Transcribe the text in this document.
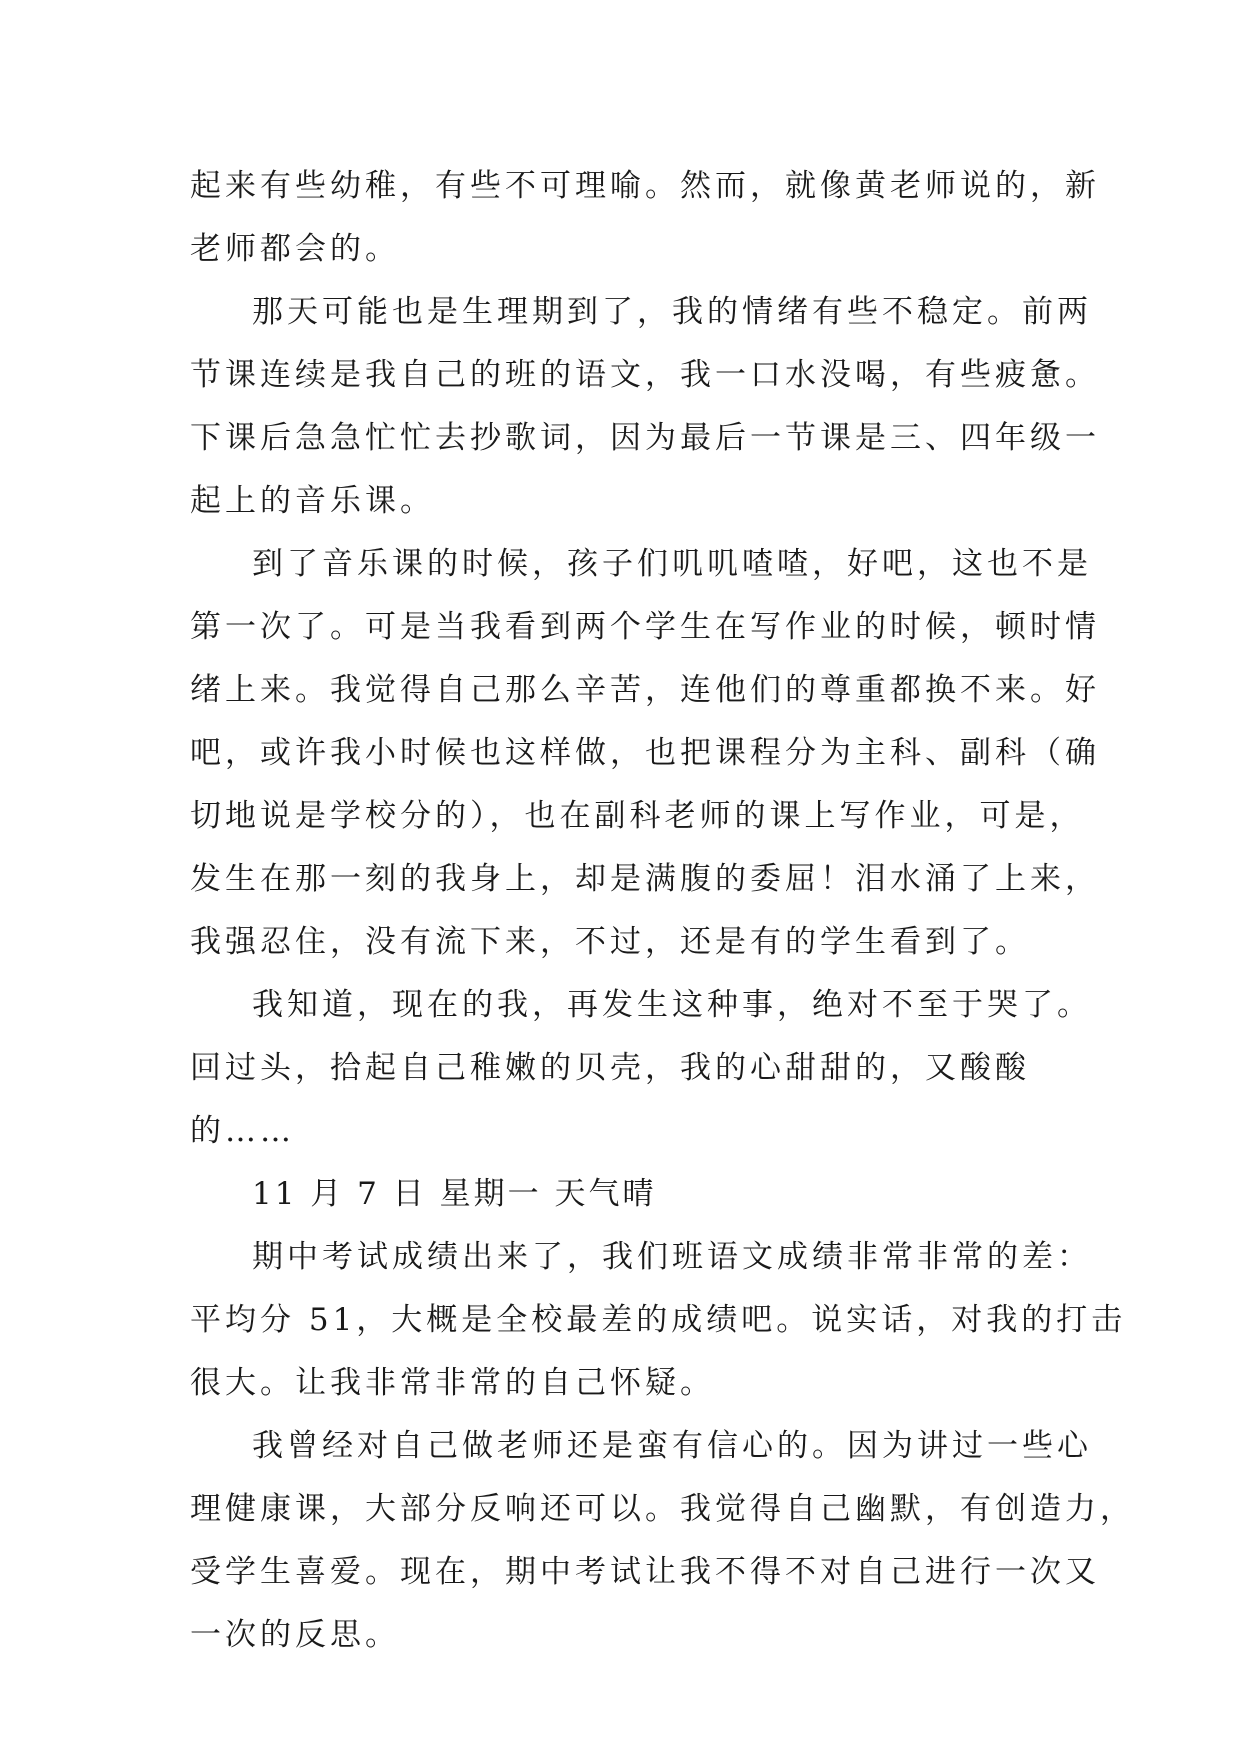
起来有些幼稚，有些不可理喻。然而，就像黄老师说的，新
老师都会的。
那天可能也是生理期到了，我的情绪有些不稳定。前两
节课连续是我自己的班的语文，我一口水没喝，有些疲惫。
下课后急急忙忙去抄歌词，因为最后一节课是三、四年级一
起上的音乐课。
到了音乐课的时候，孩子们叽叽喳喳，好吧，这也不是
第一次了。可是当我看到两个学生在写作业的时候，顿时情
绪上来。我觉得自己那么辛苦，连他们的尊重都换不来。好
吧，或许我小时候也这样做，也把课程分为主科、副科（确
切地说是学校分的），也在副科老师的课上写作业，可是，
发生在那一刻的我身上，却是满腹的委屈！泪水涌了上来，
我强忍住，没有流下来，不过，还是有的学生看到了。
我知道，现在的我，再发生这种事，绝对不至于哭了。
回过头，拾起自己稚嫩的贝壳，我的心甜甜的，又酸酸
的……
11 月 7 日 星期一 天气晴
期中考试成绩出来了，我们班语文成绩非常非常的差：
平均分 51，大概是全校最差的成绩吧。说实话，对我的打击
很大。让我非常非常的自己怀疑。
我曾经对自己做老师还是蛮有信心的。因为讲过一些心
理健康课，大部分反响还可以。我觉得自己幽默，有创造力，
受学生喜爱。现在，期中考试让我不得不对自己进行一次又
一次的反思。
